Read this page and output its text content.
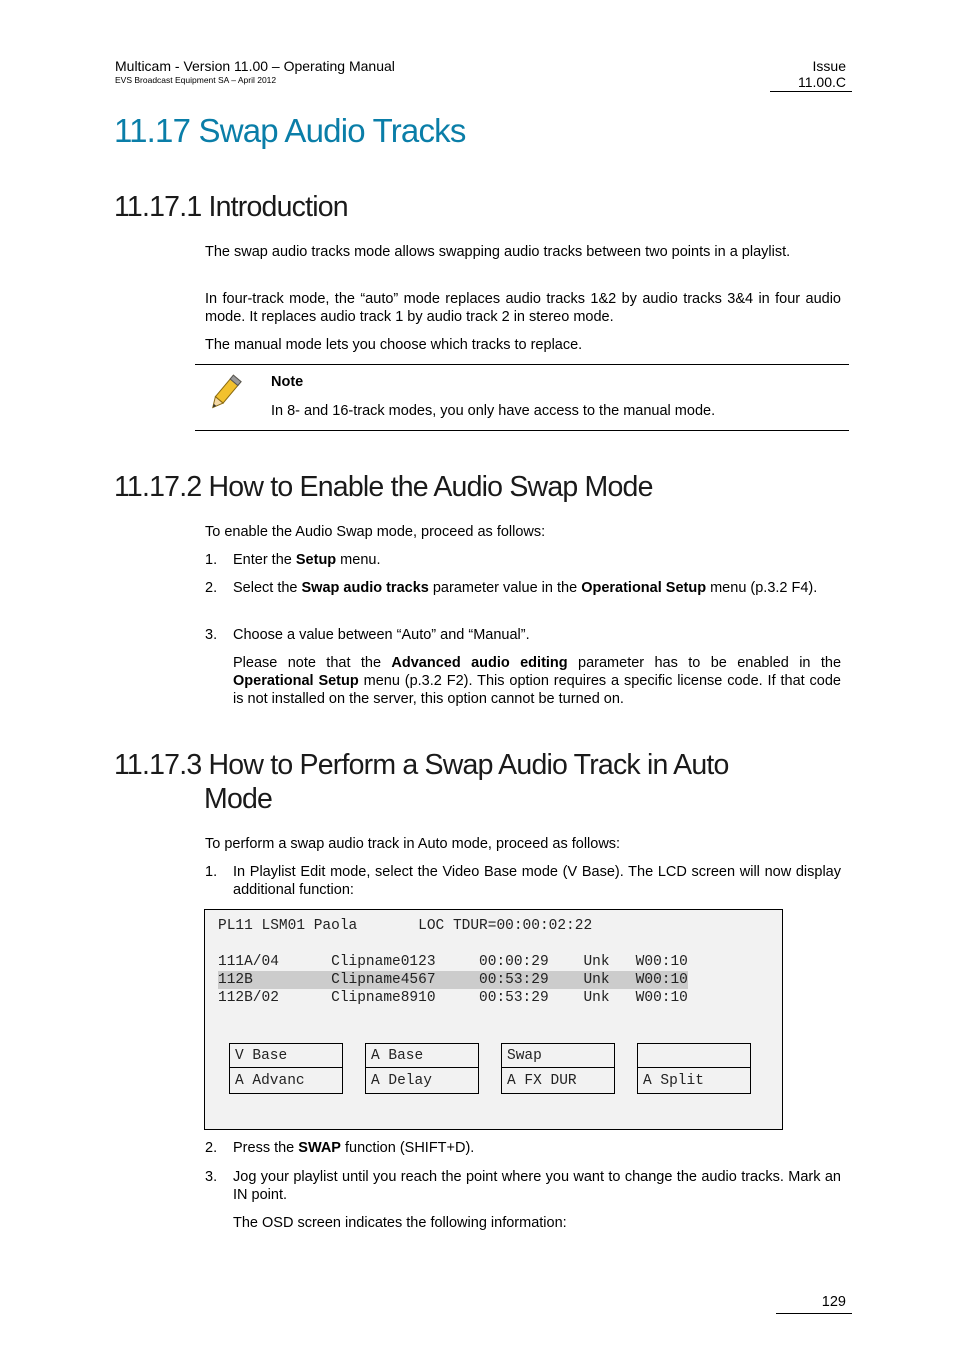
Multicam - Version 11.00 – Operating Manual
EVS Broadcast Equipment SA – April 2012
Issue
11.00.C
11.17 Swap Audio Tracks
11.17.1 Introduction

The swap audio tracks mode allows swapping audio tracks between two points in a playlist.

In four-track mode, the “auto” mode replaces audio tracks 1&2 by audio tracks 3&4 in four audio mode. It replaces audio track 1 by audio track 2 in stereo mode.

The manual mode lets you choose which tracks to replace.

Note
In 8- and 16-track modes, you only have access to the manual mode.
11.17.2 How to Enable the Audio Swap Mode

To enable the Audio Swap mode, proceed as follows:

1. Enter the Setup menu.
2. Select the Swap audio tracks parameter value in the Operational Setup menu (p.3.2 F4).
3. Choose a value between “Auto” and “Manual”.
Please note that the Advanced audio editing parameter has to be enabled in the Operational Setup menu (p.3.2 F2). This option requires a specific license code. If that code is not installed on the server, this option cannot be turned on.
11.17.3 How to Perform a Swap Audio Track in Auto
Mode

To perform a swap audio track in Auto mode, proceed as follows:

1. In Playlist Edit mode, select the Video Base mode (V Base). The LCD screen will now display additional function:
PL11 LSM01 Paola       LOC TDUR=00:00:02:22
111A/04      Clipname0123     00:00:29    Unk   W00:10
112B         Clipname4567     00:53:29    Unk   W00:10
112B/02      Clipname8910     00:53:29    Unk   W00:10
V Base
A Advanc
A Base
A Delay
Swap
A FX DUR	A Split
2. Press the SWAP function (SHIFT+D).
3. Jog your playlist until you reach the point where you want to change the audio tracks. Mark an IN point.
The OSD screen indicates the following information:
129
